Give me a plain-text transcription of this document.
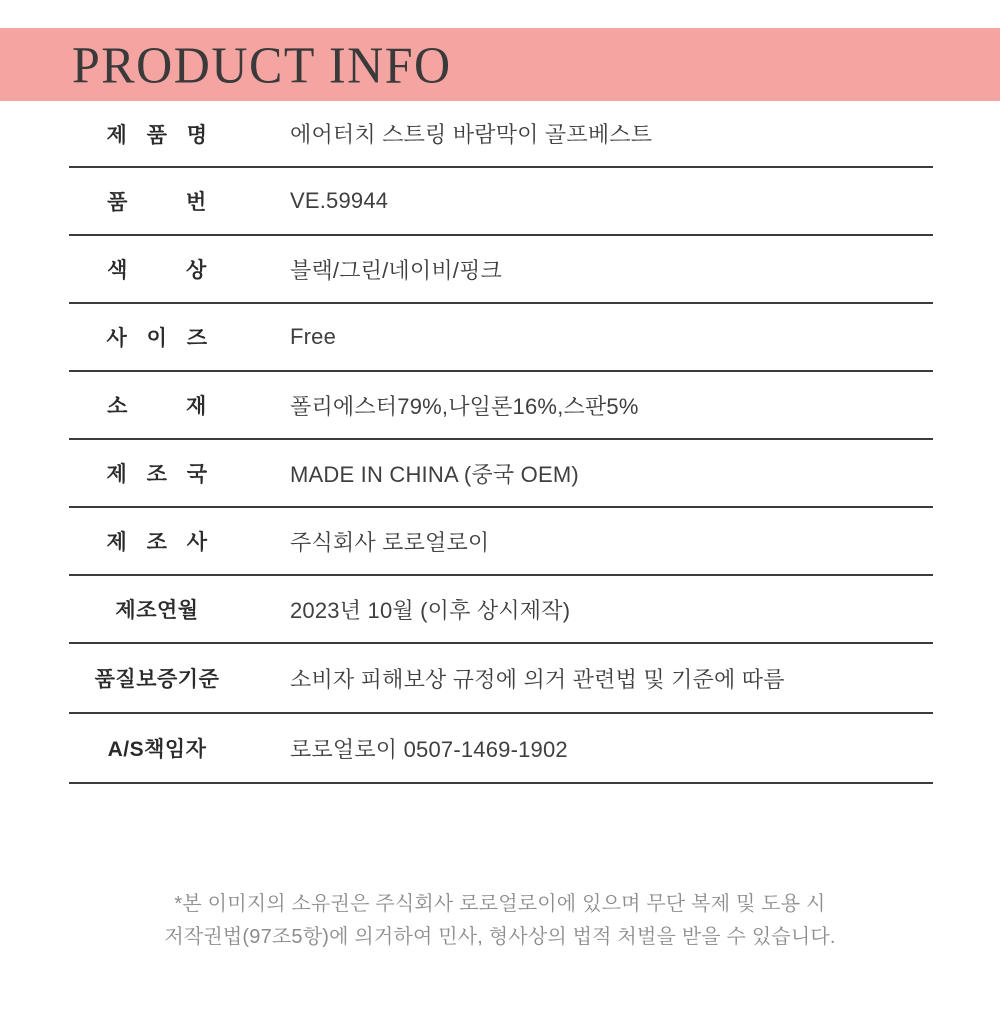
PRODUCT INFO
제 품 명	에어터치 스트링 바람막이 골프베스트
품   번	VE.59944
색   상	블랙/그린/네이비/핑크
사 이 즈	Free
소   재	폴리에스터79%,나일론16%,스판5%
제 조 국	MADE IN CHINA (중국 OEM)
제 조 사	주식회사 로로얼로이
제조연월	2023년 10월 (이후 상시제작)
품질보증기준	소비자 피해보상 규정에 의거 관련법 및 기준에 따름
A/S책임자	로로얼로이 0507-1469-1902
*본 이미지의 소유권은 주식회사 로로얼로이에 있으며 무단 복제 및 도용 시
저작권법(97조5항)에 의거하여 민사, 형사상의 법적 처벌을 받을 수 있습니다.
